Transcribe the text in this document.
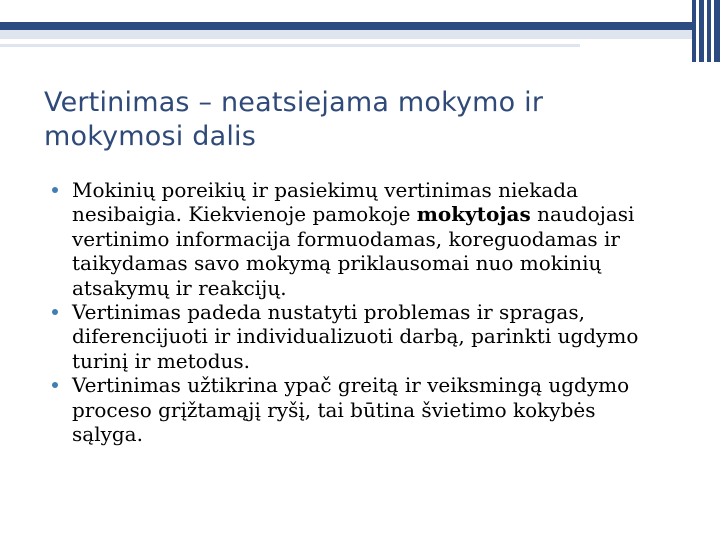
Vertinimas – neatsiejama mokymo ir mokymosi dalis

Mokinių poreikių ir pasiekimų vertinimas niekada nesibaigia. Kiekvienoje pamokoje mokytojas naudojasi vertinimo informacija formuodamas, koreguodamas ir taikydamas savo mokymą priklausomai nuo mokinių atsakymų ir reakcijų.

Vertinimas padeda nustatyti problemas ir spragas, diferencijuoti ir individualizuoti darbą, parinkti ugdymo turinį ir metodus.

Vertinimas užtikrina ypač greitą ir veiksmingą ugdymo proceso grįžtamąjį ryšį, tai būtina švietimo kokybės sąlyga.
